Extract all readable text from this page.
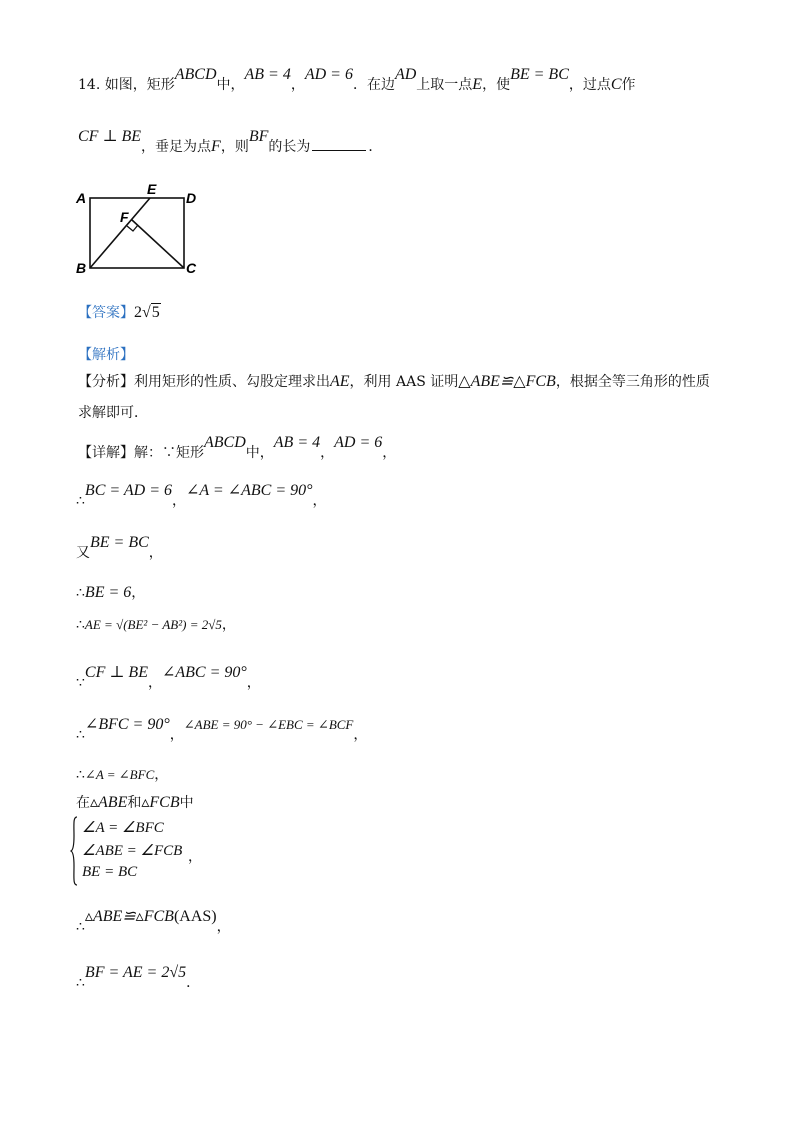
14. 如图，矩形ABCD中，AB = 4，AD = 6．在边AD上取一点E，使BE = BC，过点C作
CF ⊥ BE，垂足为点F，则BF的长为	．
A
E
D
F
B	C
【答案】2√5
【解析】
【分析】利用矩形的性质、勾股定理求出AE，利用 AAS 证明△ABE≌△FCB，根据全等三角形的性质
求解即可．
【详解】解：∵矩形ABCD中，AB = 4，AD = 6，
∴BC = AD = 6，∠A = ∠ABC = 90°，
又BE = BC，
∴BE = 6，
∴AE = √(BE² − AB²) = 2√5，
∵CF ⊥ BE，∠ABC = 90°，
∴∠BFC = 90°，∠ABE = 90° − ∠EBC = ∠BCF，
∴∠A = ∠BFC，
在▵ABE和▵FCB中
∠A = ∠BFC
∠ABE = ∠FCB
BE = BC
，
∴▵ABE≌▵FCB(AAS)，
∴BF = AE = 2√5．
